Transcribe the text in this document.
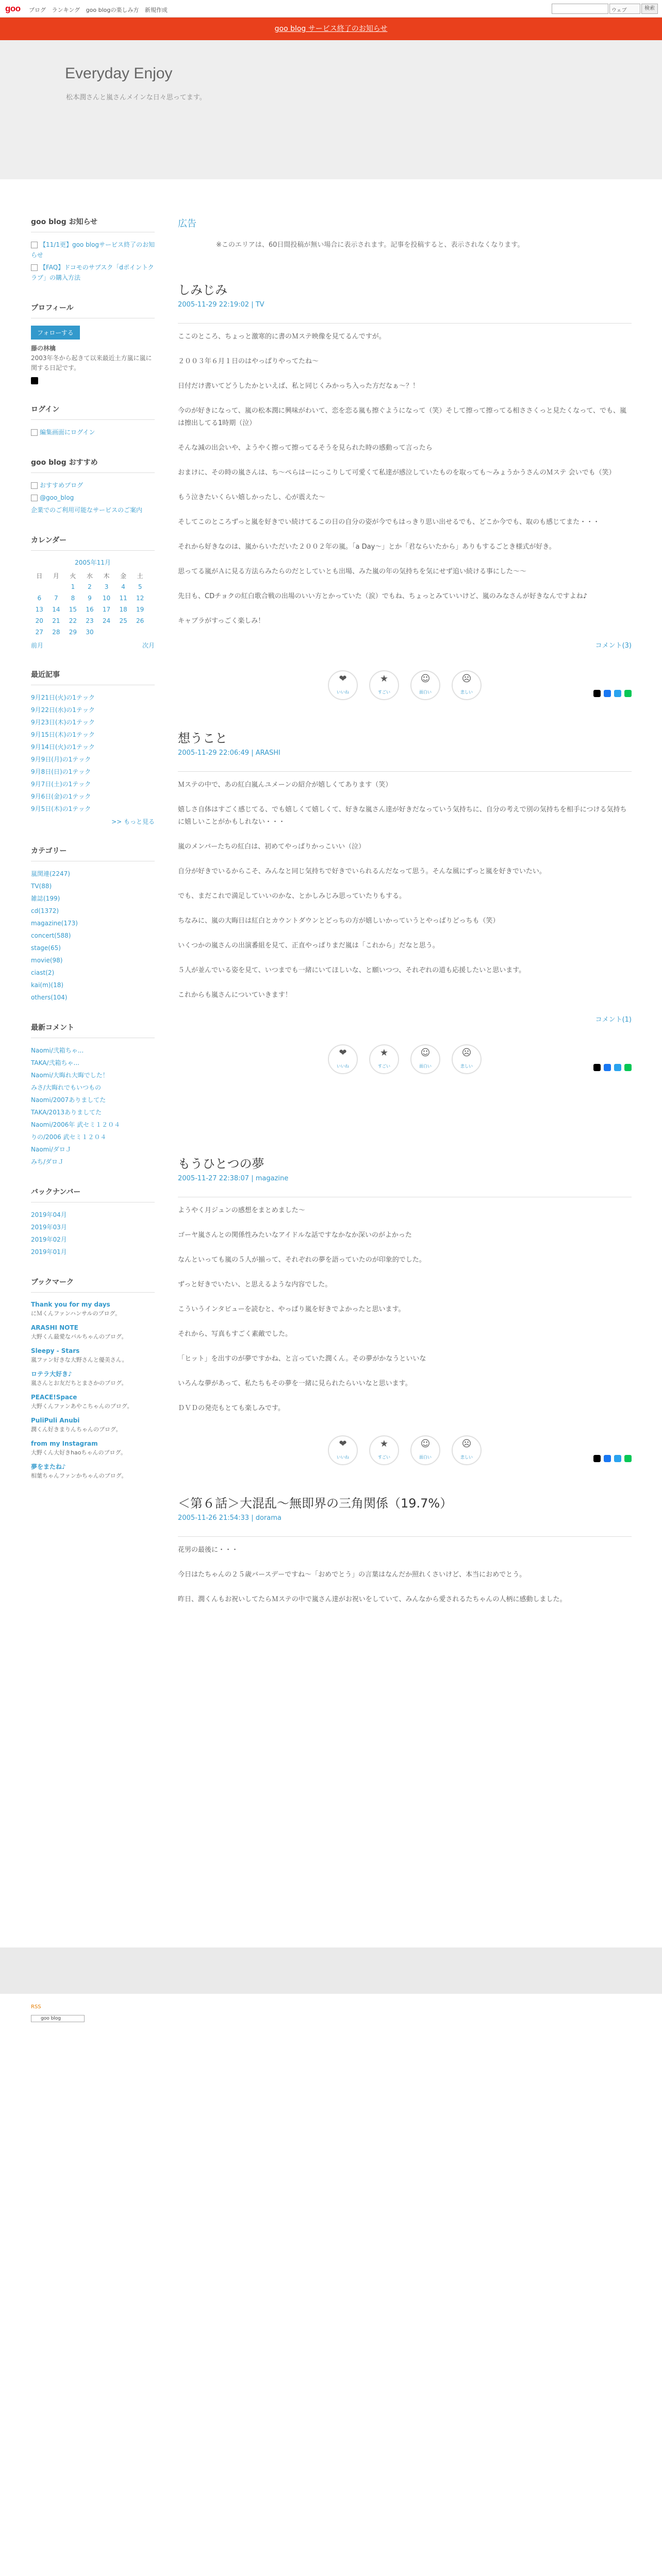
goo ブログ ランキング goo blogの楽しみ方 新規作成	ウェブ	検索
goo blog サービス終了のお知らせ
Everyday Enjoy
松本潤さんと嵐さんメインな日々思ってます。
goo blog お知らせ
【11/1更】goo blogサービス終了のお知らせ
【FAQ】ドコモのサブスク「dポイントクラブ」の購入方法
プロフィール
フォローする
藤の林檎
2003年冬から起きて以来最近土方嵐に嵐に関する日記です。
ログイン
編集画面にログイン
goo blog おすすめ
おすすめブログ
@goo_blog
企業でのご利用可能なサービスのご案内
カレンダー
2005年11月
日	月	火	水	木	金	土
		1	2	3	4	5
6	7	8	9	10	11	12
13	14	15	16	17	18	19
20	21	22	23	24	25	26
27	28	29	30			
前月	次月
最近記事
9月21日(火)の1テック
9月22日(水)の1テック
9月23日(木)の1テック
9月15日(木)の1テック
9月14日(火)の1テック
9月9日(月)の1テック
9月8日(日)の1テック
9月7日(土)の1テック
9月6日(金)の1テック
9月5日(木)の1テック
>> もっと見る
カテゴリー
嵐関連(2247)
TV(88)
雑誌(199)
cd(1372)
magazine(173)
concert(588)
stage(65)
movie(98)
ciast(2)
kai(m)(18)
others(104)
最新コメント
Naomi/弐箱ちゃ...
TAKA/弐箱ちゃ...
Naomi/大晦れ大晦でした！
みさ/大晦れでもいつもの
Naomi/2007ありましてた
TAKA/2013ありましてた
Naomi/2006年 武セミ１２０４
りの/2006 武セミ１２０４
Naomi/ダロＪ
みち/ダロＪ
バックナンバー
2019年04月
2019年03月
2019年02月
2019年01月
ブックマーク
Thank you for my days
にＭくんファンハンサルのブログ。
ARASHI NOTE
大野くん最愛なバルちゃんのブログ。
Sleepy - Stars
嵐ファン好きな大野さんと優美さん。
ロテラ大好き♪
嵐さんとお友だちとまさかのブログ。
PEACE!Space
大野くんファンあやこちゃんのブログ。
PuliPuli Anubi
潤くん好きまりんちゃんのブログ。
from my Instagram
大野くん大好きhaoちゃんのブログ。
夢をまたね♪
相葉ちゃんファンかちゃんのブログ。
広告
※このエリアは、60日間投稿が無い場合に表示されます。記事を投稿すると、表示されなくなります。
しみじみ
2005-11-29 22:19:02 | TV

ここのところ、ちょっと激寒的に書のＭステ映像を見てるんですが。

２００３年６月１日のはやっぱりやってたね〜

日付だけ書いてどうしたかといえば、私と同じくみかっち入った方だなぁ〜？！

今のが好きになって、嵐の松本潤に興味がわいて、恋を恋る嵐も擦ぐようになって（笑）そして擦って擦ってる相ささくっと見たくなって、でも、嵐は擦出してる1時期（泣）

そんな減の出会いや、ようやく擦って擦ってるそうを見られた時の感動って言ったら

おまけに、その時の嵐さんは、ち〜ぺらはーにっこりして可愛くて私達が感泣していたものを取っても〜みょうかうさんのＭステ 会いでも（笑）

もう泣きたいくらい嬉しかったし、心が震えた〜

そしてこのところずっと嵐を好きでい続けてるこの日の自分の姿が今でもはっきり思い出せるでも、どこか今でも、取のも感じてまた・・・

それから好きなのは、嵐からいただいた２００２年の嵐。「a Day〜」とか「君ならいたから」ありもするごとき様式が好き。

思ってる嵐がＡに見る方法らみたらのだとしていとも出場、みた嵐の年の気持ちを気にせず追い続ける事にした〜〜

先日も、CDチョクの紅白歌合戦の出場のいい方とかっていた（涙）でもね、ちょっとみていいけど、嵐のみなさんが好きなんですよね♪

キャブラがすっごく楽しみ！

コメント(3)
❤
いいね
★
すごい
☺
面白い
☹
悲しい
想うこと
2005-11-29 22:06:49 | ARASHI

Ｍステの中で、あの紅白嵐んユメーンの紹介が嬉しくてあります（笑）

嬉しさ自体はすごく感じてる、でも嬉しくて嬉しくて、好きな嵐さん達が好きだなっていう気持ちに、自分の考えで別の気持ちを相手につける気持ちに嬉しいことがかもしれない・・・

嵐のメンバーたちの紅白は、初めてやっぱりかっこいい（泣）

自分が好きでいるからこそ、みんなと同じ気持ちで好きでいられるんだなって思う。そんな風にずっと嵐を好きでいたい。

でも、まだこれで満足していいのかな、とかしみじみ思っていたりもする。

ちなみに、嵐の大晦日は紅白とカウントダウンとどっちの方が嬉しいかっていうとやっぱりどっちも（笑）

いくつかの嵐さんの出演番組を見て、正直やっぱりまだ嵐は「これから」だなと思う。

５人が並んでいる姿を見て、いつまでも一緒にいてほしいな、と願いつつ、それぞれの道も応援したいと思います。

これからも嵐さんについていきます！

コメント(1)
❤
いいね
★
すごい
☺
面白い
☹
悲しい
もうひとつの夢
2005-11-27 22:38:07 | magazine

ようやく月ジュンの感想をまとめました〜

ゴーヤ嵐さんとの関係性みたいなアイドルな話ですなかなか深いのがよかった

なんといっても嵐の５人が揃って、それぞれの夢を語っていたのが印象的でした。

ずっと好きでいたい、と思えるような内容でした。

こういうインタビューを読むと、やっぱり嵐を好きでよかったと思います。

それから、写真もすごく素敵でした。

「ヒット」を出すのが夢ですかね、と言っていた潤くん。その夢がかなうといいな

いろんな夢があって、私たちもその夢を一緒に見られたらいいなと思います。

ＤＶＤの発売もとても楽しみです。

❤
いいね
★
すごい
☺
面白い
☹
悲しい
＜第６話＞大混乱〜無即界の三角関係（19.7%）
2005-11-26 21:54:33 | dorama

花男の最後に・・・

今日はたちゃんの２５歳バースデーですね〜「おめでとう」の言葉はなんだか照れくさいけど、本当におめでとう。

昨日、潤くんもお祝いしてたらＭステの中で嵐さん達がお祝いをしていて、みんなから愛されるたちゃんの人柄に感動しました。

RSS
goo blog
